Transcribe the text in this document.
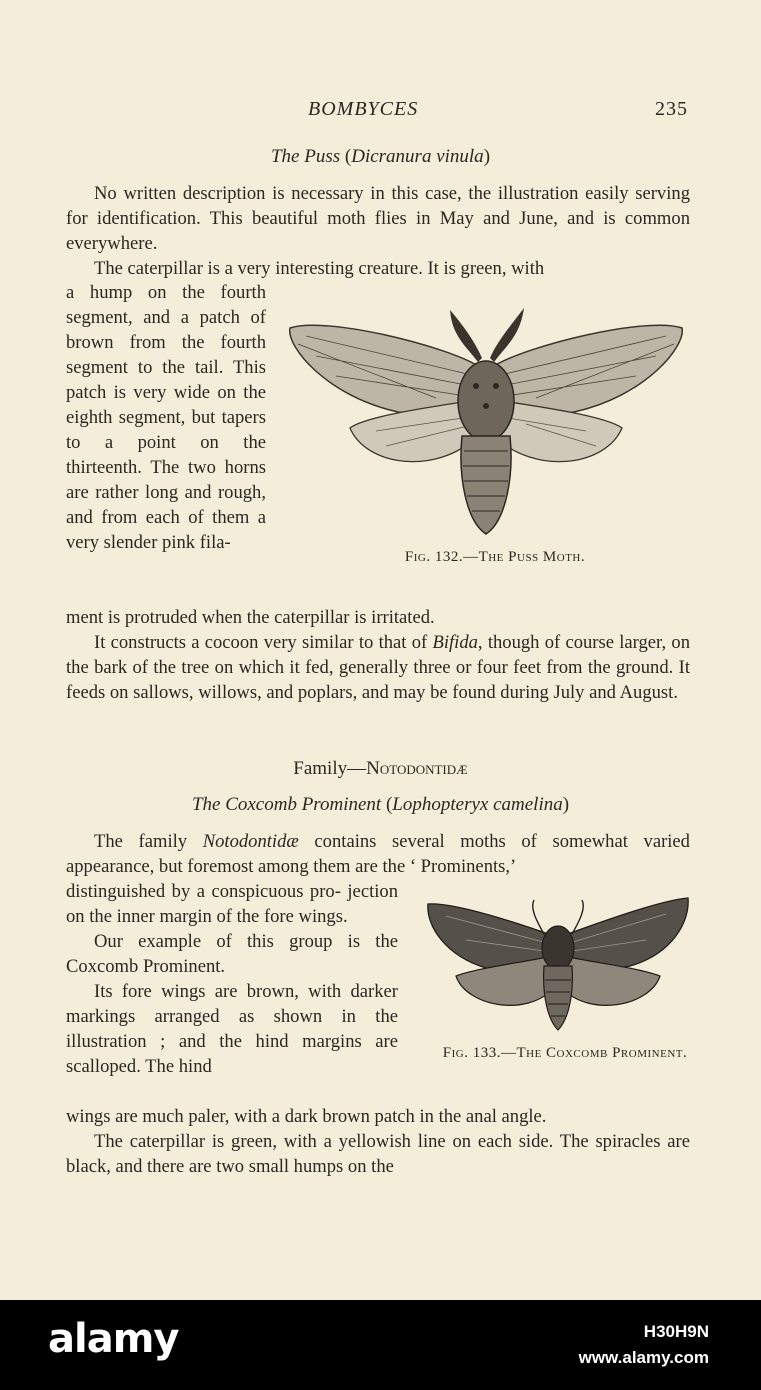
BOMBYCES	235
The Puss (Dicranura vinula)

No written description is necessary in this case, the illustration easily serving for identification. This beautiful moth flies in May and June, and is common everywhere.

The caterpillar is a very interesting creature. It is green, with

a hump on the fourth segment, and a patch of brown from the fourth segment to the tail. This patch is very wide on the eighth segment, but tapers to a point on the thirteenth. The two horns are rather long and rough, and from each of them a very slender pink fila-

Fig. 132.—The Puss Moth.

ment is protruded when the caterpillar is irritated.

It constructs a cocoon very similar to that of Bifida, though of course larger, on the bark of the tree on which it fed, generally three or four feet from the ground. It feeds on sallows, willows, and poplars, and may be found during July and August.

Family—Notodontidæ
The Coxcomb Prominent (Lophopteryx camelina)

The family Notodontidæ contains several moths of somewhat varied appearance, but foremost among them are the ‘ Prominents,’

distinguished by a conspicuous pro- jection on the inner margin of the fore wings.

Our example of this group is the Coxcomb Prominent.

Its fore wings are brown, with darker markings arranged as shown in the illustration ; and the hind margins are scalloped. The hind

Fig. 133.—The Coxcomb Prominent.

wings are much paler, with a dark brown patch in the anal angle.

The caterpillar is green, with a yellowish line on each side. The spiracles are black, and there are two small humps on the

alamy	H30H9N
www.alamy.com
